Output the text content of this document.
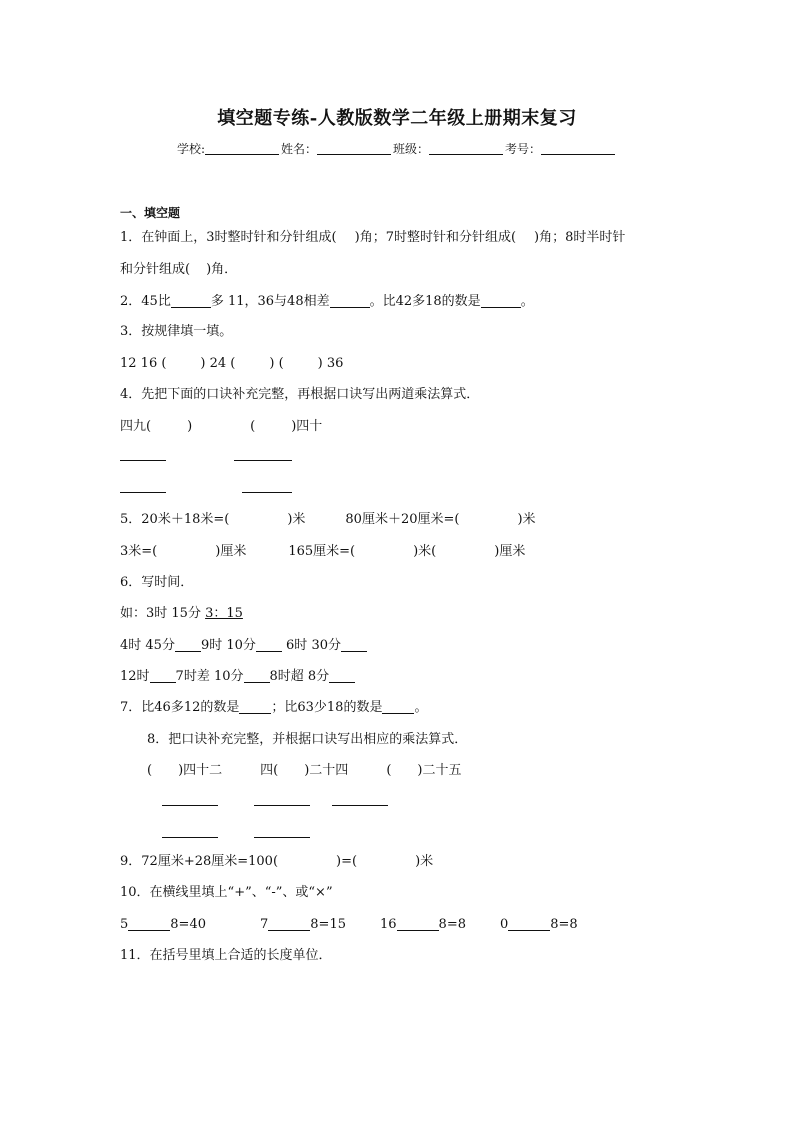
填空题专练-人教版数学二年级上册期末复习
学校:	姓名：	班级：	考号：
一、填空题
1．在钟面上，3时整时针和分针组成( )角；7时整时针和分针组成( )角；8时半时针
和分针组成( )角．
2．45比	多 11，36与48相差	。比42多18的数是	。
3．按规律填一填。
12 16 (	) 24 (	) (	) 36
4．先把下面的口诀补充完整，再根据口诀写出两道乘法算式．
四九(	)	(	)四十
5．20米＋18米=(	)米	80厘米＋20厘米=(	)米
3米=(	)厘米	165厘米=(	)米(	)厘米
6．写时间．
如：3时 15分 3：15
4时 45分 9时 10分 6时 30分
12时 7时差 10分 8时超 8分
7．比46多12的数是 ；比63少18的数是 。
8．把口诀补充完整，并根据口诀写出相应的乘法算式．
( )四十二	四( )二十四	( )二十五
9．72厘米+28厘米=100(	)=(	)米
10．在横线里填上“+”、“-”、或“×”
5	8=40	7	8=15	16	8=8	0	8=8
11．在括号里填上合适的长度单位．
